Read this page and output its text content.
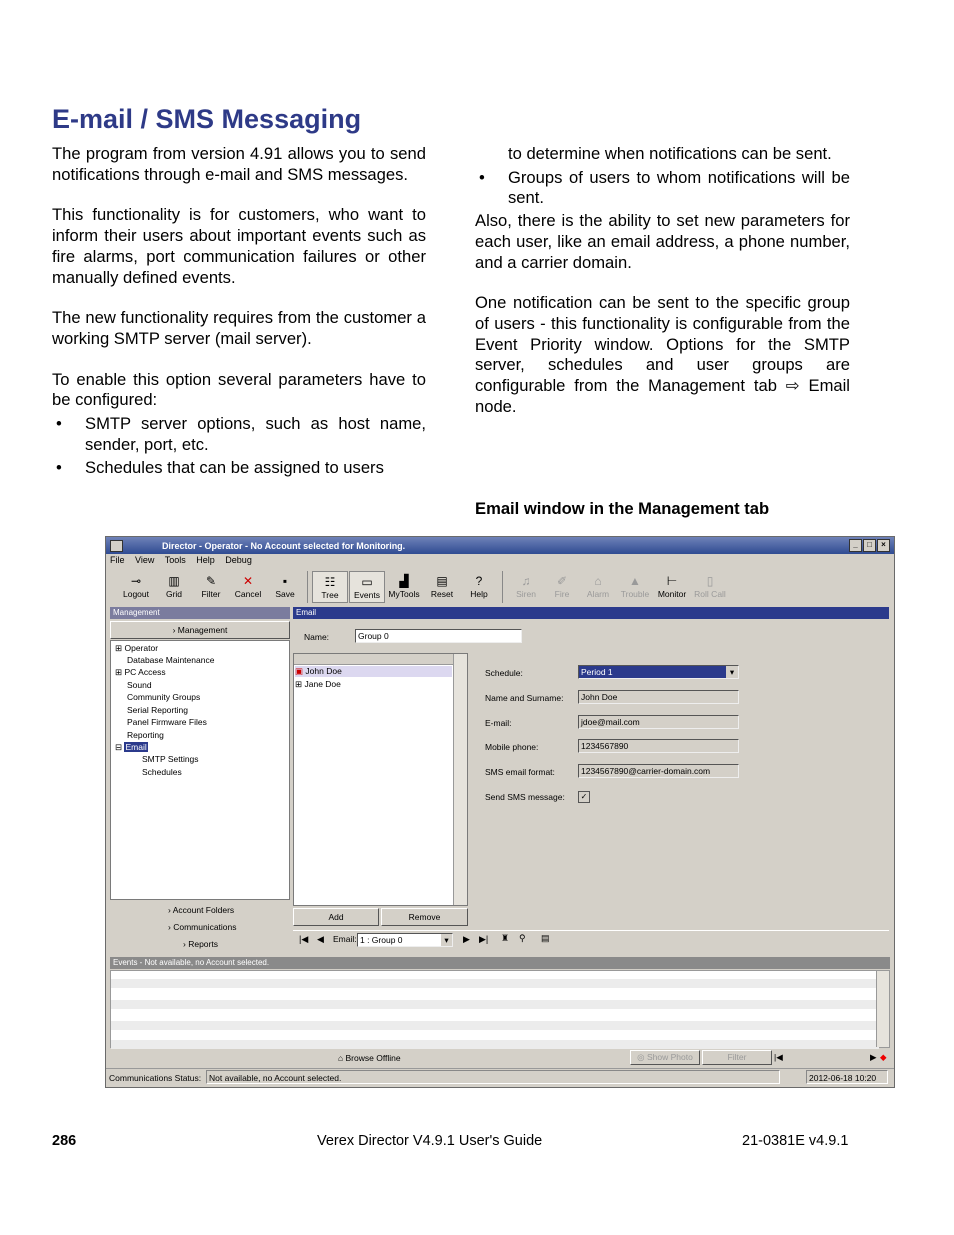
E-mail / SMS Messaging

The program from version 4.91 allows you to send notifications through e-mail and SMS messages.

This functionality is for customers, who want to inform their users about important events such as fire alarms, port communication failures or other manually defined events.

The new functionality requires from the customer a working SMTP server (mail server).

To enable this option several parameters have to be configured:

• SMTP server options, such as host name, sender, port, etc.
• Schedules that can be assigned to users

to determine when notifications can be sent.

• Groups of users to whom notifications will be sent.

Also, there is the ability to set new parameters for each user, like an email address, a phone number, and a carrier domain.

One notification can be sent to the specific group of users - this functionality is configurable from the Event Priority window. Options for the SMTP server, schedules and user groups are configurable from the Management tab ⇨ Email node.

Email window in the Management tab
Director - Operator - No Account selected for Monitoring.	_ □ ×
File View Tools Help Debug
⊸
Logout
▥
Grid
✎
Filter
✕
Cancel
▪
Save
☷
Tree
▭
Events
▟
MyTools
▤
Reset
?
Help
♫
Siren
✐
Fire
⌂
Alarm
▲
Trouble
⊢
Monitor
▯
Roll Call
Management
› Management
⊞ Operator
Database Maintenance
⊞ PC Access
Sound
Community Groups
Serial Reporting
Panel Firmware Files
Reporting
⊟ Email
SMTP Settings
Schedules
› Account Folders
› Communications
› Reports
Email
Name:	Group 0
▣ John Doe
⊞ Jane Doe
Add	Remove
Schedule:	Period 1	▾
Name and Surname:	John Doe
E-mail:	jdoe@mail.com
Mobile phone:	1234567890
SMS email format:	1234567890@carrier-domain.com
Send SMS message:	✓
|◀ ◀ Email: 1 : Group 0	▾	▶ ▶| ♜ ⚲ ▤
Events - Not available, no Account selected.
⌂ Browse Offline	◎ Show Photo	Filter	|◀	▶ ◆
Communications Status: Not available, no Account selected.	2012-06-18 10:20
286	Verex Director V4.9.1 User's Guide	21-0381E v4.9.1
